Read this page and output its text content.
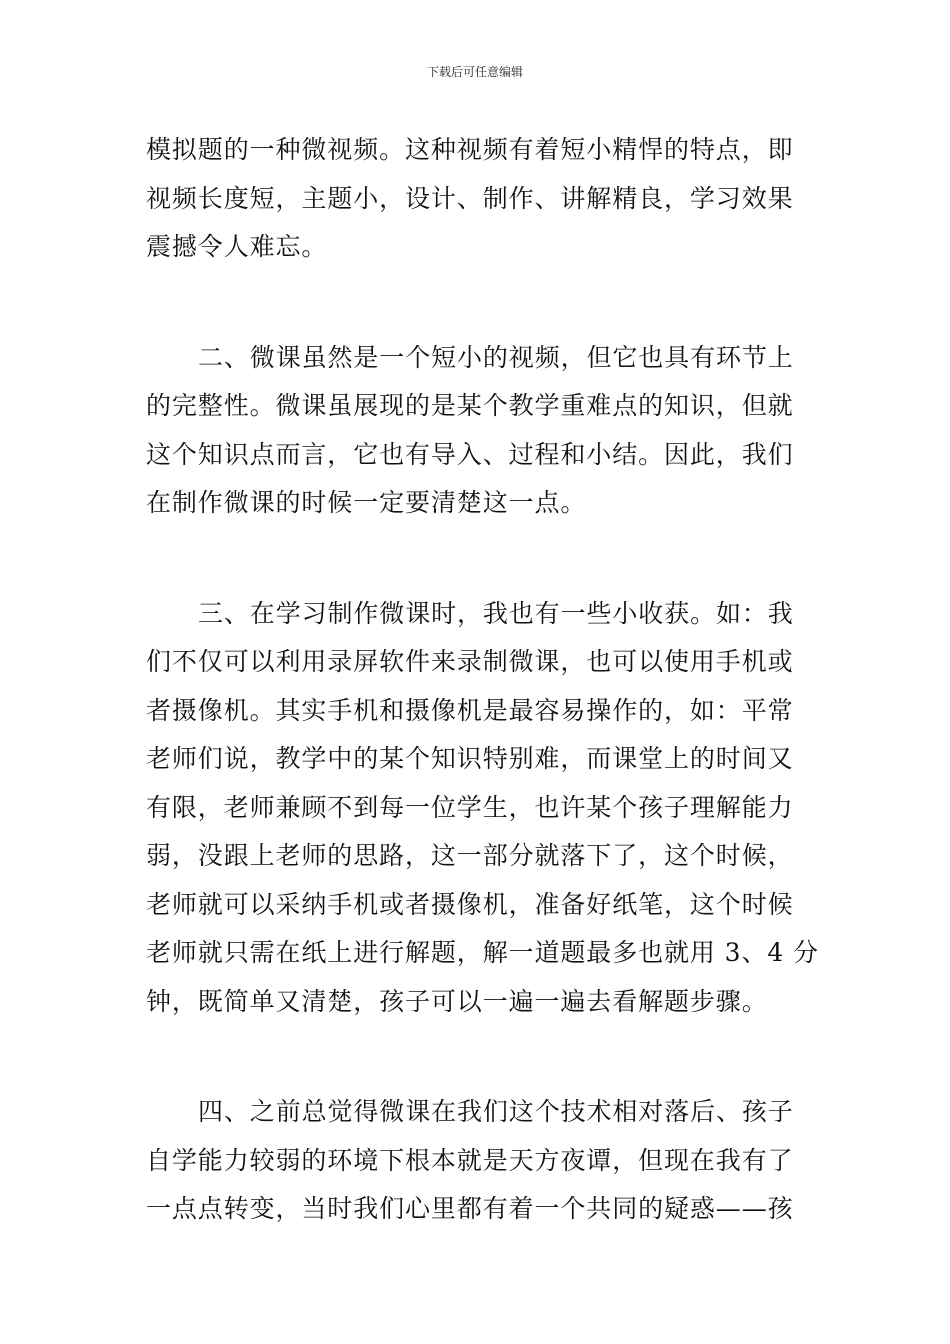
下载后可任意编辑

模拟题的一种微视频。这种视频有着短小精悍的特点，即
视频长度短，主题小，设计、制作、讲解精良，学习效果
震撼令人难忘。

二、微课虽然是一个短小的视频，但它也具有环节上
的完整性。微课虽展现的是某个教学重难点的知识，但就
这个知识点而言，它也有导入、过程和小结。因此，我们
在制作微课的时候一定要清楚这一点。

三、在学习制作微课时，我也有一些小收获。如：我
们不仅可以利用录屏软件来录制微课，也可以使用手机或
者摄像机。其实手机和摄像机是最容易操作的，如：平常
老师们说，教学中的某个知识特别难，而课堂上的时间又
有限，老师兼顾不到每一位学生，也许某个孩子理解能力
弱，没跟上老师的思路，这一部分就落下了，这个时候，
老师就可以采纳手机或者摄像机，准备好纸笔，这个时候
老师就只需在纸上进行解题，解一道题最多也就用 3、4 分
钟，既简单又清楚，孩子可以一遍一遍去看解题步骤。

四、之前总觉得微课在我们这个技术相对落后、孩子
自学能力较弱的环境下根本就是天方夜谭，但现在我有了
一点点转变，当时我们心里都有着一个共同的疑惑——孩
